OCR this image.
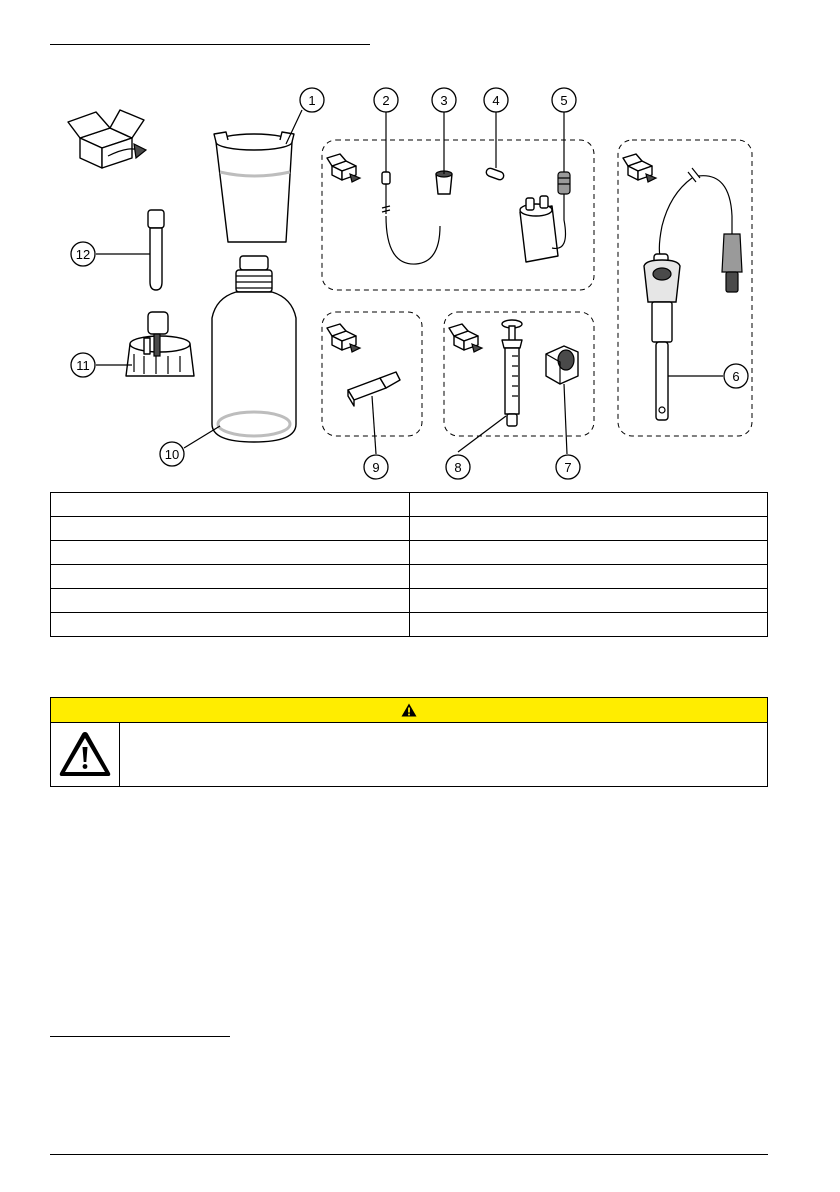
1	2	3	4	5
6
7
8
9
10
11
12
